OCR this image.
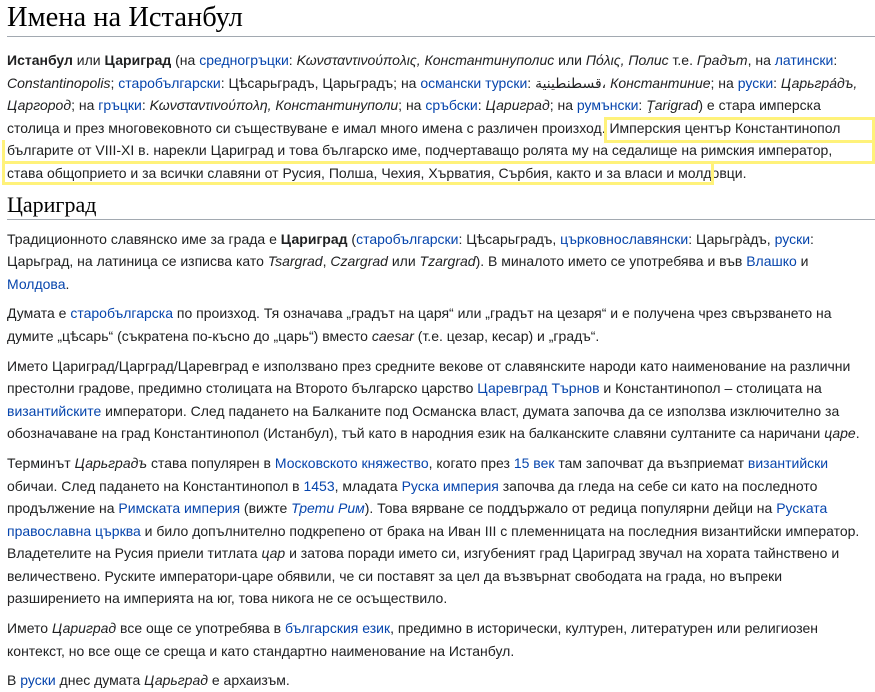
Имена на Истанбул

Истанбул или Цариград (на средногръцки: Κωνσταντινούπολις, Константинуполис или Πόλις, Полис т.е. Градът, на латински: Constantinopolis; старобългарски: Цѣсарьградъ, Царьградъ; на османски турски: قسطنطينية، Константиние; на руски: Царьгра́дъ, Царгород; на гръцки: Κωνσταντινούπολη, Константинуполи; на сръбски: Цариград; на румънски: Ţarigrad) е стара имперска столица и през многовековното си съществуване е имал много имена с различен произход. Имперския център Константинопол българите от VIII-XI в. нарекли Цариград и това българско име, подчертаващо ролята му на седалище на римския император, става общоприето и за всички славяни от Русия, Полша, Чехия, Хърватия, Сърбия, както и за власи и молдовци.

Цариград

Традиционното славянско име за града е Цариград (старобългарски: Цѣсарьградъ, църковнославянски: Царьгра̀дъ, руски: Царьград, на латиница се изписва като Tsargrad, Czargrad или Tzargrad). В миналото името се употребява и във Влашко и Молдова.

Думата е старобългарска по произход. Тя означава „градът на царя“ или „градът на цезаря“ и е получена чрез свързването на думите „цѣсарь“ (съкратена по-късно до „царь“) вместо caesar (т.е. цезар, кесар) и „градъ“.

Името Цариград/Царград/Царевград е използвано през средните векове от славянските народи като наименование на различни престолни градове, предимно столицата на Второто българско царство Царевград Търнов и Константинопол – столицата на византийските императори. След падането на Балканите под Османска власт, думата започва да се използва изключително за обозначаване на град Константинопол (Истанбул), тъй като в народния език на балканските славяни султаните са наричани царе.

Терминът Царьградъ става популярен в Московското княжество, когато през 15 век там започват да възприемат византийски обичаи. След падането на Константинопол в 1453, младата Руска империя започва да гледа на себе си като на последното продължение на Римската империя (вижте Трети Рим). Това вярване се поддържало от редица популярни дейци на Руската православна църква и било допълнително подкрепено от брака на Иван III с племенницата на последния византийски император. Владетелите на Русия приели титлата цар и затова поради името си, изгубеният град Цариград звучал на хората тайнствено и величествено. Руските императори-царе обявили, че си поставят за цел да възвърнат свободата на града, но въпреки разширението на империята на юг, това никога не се осъществило.

Името Цариград все още се употребява в българския език, предимно в исторически, културен, литературен или религиозен контекст, но все още се среща и като стандартно наименование на Истанбул.

В руски днес думата Царьград е архаизъм.
